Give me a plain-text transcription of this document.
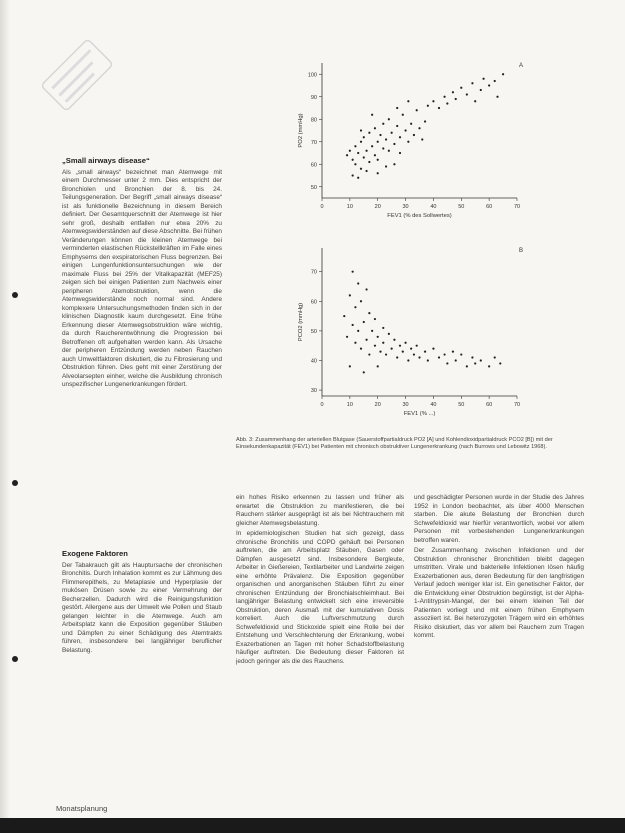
„Small airways disease“

Als „small airways“ bezeichnet man Atemwege mit einem Durchmesser unter 2 mm. Dies entspricht der Bronchiolen und Bronchien der 8. bis 24. Teilungsgeneration. Der Begriff „small airways disease“ ist als funktionelle Bezeichnung in diesem Bereich definiert. Der Gesamtquerschnitt der Atemwege ist hier sehr groß, deshalb entfallen nur etwa 20% zu Atemwegswiderständen auf diese Abschnitte. Bei frühen Veränderungen können die kleinen Atemwege bei verminderten elastischen Rückstellkräften im Falle eines Emphysems den exspiratorischen Fluss begrenzen. Bei einigen Lungenfunktionsuntersuchungen wie der maximale Fluss bei 25% der Vitalkapazität (MEF25) zeigen sich bei einigen Patienten zum Nachweis einer peripheren Atemobstruktion, wenn die Atemwegswiderstände noch normal sind. Andere komplexere Untersuchungsmethoden finden sich in der klinischen Diagnostik kaum durchgesetzt. Eine frühe Erkennung dieser Atemwegsobstruktion wäre wichtig, da durch Raucherentwöhnung die Progression bei Betroffenen oft aufgehalten werden kann. Als Ursache der peripheren Entzündung werden neben Rauchen auch Umweltfaktoren diskutiert, die zu Fibrosierung und Obstruktion führen. Dies geht mit einer Zerstörung der Alveolarsepten einher, welche die Ausbildung chronisch unspezifischer Lungenerkrankungen fördert.

Exogene Faktoren

Der Tabakrauch gilt als Hauptursache der chronischen Bronchitis. Durch Inhalation kommt es zur Lähmung des Flimmerepithels, zu Metaplasie und Hyperplasie der mukösen Drüsen sowie zu einer Vermehrung der Becherzellen. Dadurch wird die Reinigungsfunktion gestört. Allergene aus der Umwelt wie Pollen und Staub gelangen leichter in die Atemwege. Auch am Arbeitsplatz kann die Exposition gegenüber Stäuben und Dämpfen zu einer Schädigung des Atemtrakts führen, insbesondere bei langjähriger beruflicher Belastung.

0	10	20	30	40	50	60	70
50
60
70
80
90
100
A
PO2 (mmHg)
FEV1 (% des Sollwertes)
0	10	20	30	40	50	60	70
30
40
50
60
70
B
PCO2 (mmHg)
FEV1 (% ...)
Abb. 3: Zusammenhang der arteriellen Blutgase (Sauerstoffpartialdruck PO2 [A] und Kohlendioxidpartialdruck PCO2 [B]) mit der Einsekundenkapazität (FEV1) bei Patienten mit chronisch obstruktiver Lungenerkrankung (nach Burrows und Lebowitz 1968).

ein hohes Risiko erkennen zu lassen und früher als erwartet die Obstruktion zu manifestieren, die bei Rauchern stärker ausgeprägt ist als bei Nichtrauchern mit gleicher Atemwegsbelastung.

In epidemiologischen Studien hat sich gezeigt, dass chronische Bronchitis und COPD gehäuft bei Personen auftreten, die am Arbeitsplatz Stäuben, Gasen oder Dämpfen ausgesetzt sind. Insbesondere Bergleute, Arbeiter in Gießereien, Textilarbeiter und Landwirte zeigen eine erhöhte Prävalenz. Die Exposition gegenüber organischen und anorganischen Stäuben führt zu einer chronischen Entzündung der Bronchialschleimhaut. Bei langjähriger Belastung entwickelt sich eine irreversible Obstruktion, deren Ausmaß mit der kumulativen Dosis korreliert. Auch die Luftverschmutzung durch Schwefeldioxid und Stickoxide spielt eine Rolle bei der Entstehung und Verschlechterung der Erkrankung, wobei Exazerbationen an Tagen mit hoher Schadstoffbelastung häufiger auftreten. Die Bedeutung dieser Faktoren ist jedoch geringer als die des Rauchens.

und geschädigter Personen wurde in der Studie des Jahres 1952 in London beobachtet, als über 4000 Menschen starben. Die akute Belastung der Bronchien durch Schwefeldioxid war hierfür verantwortlich, wobei vor allem Personen mit vorbestehenden Lungenerkrankungen betroffen waren.

Der Zusammenhang zwischen Infektionen und der Obstruktion chronischer Bronchitiden bleibt dagegen umstritten. Virale und bakterielle Infektionen lösen häufig Exazerbationen aus, deren Bedeutung für den langfristigen Verlauf jedoch weniger klar ist. Ein genetischer Faktor, der die Entwicklung einer Obstruktion begünstigt, ist der Alpha-1-Antitrypsin-Mangel, der bei einem kleinen Teil der Patienten vorliegt und mit einem frühen Emphysem assoziiert ist. Bei heterozygoten Trägern wird ein erhöhtes Risiko diskutiert, das vor allem bei Rauchern zum Tragen kommt.

Monatsplanung
